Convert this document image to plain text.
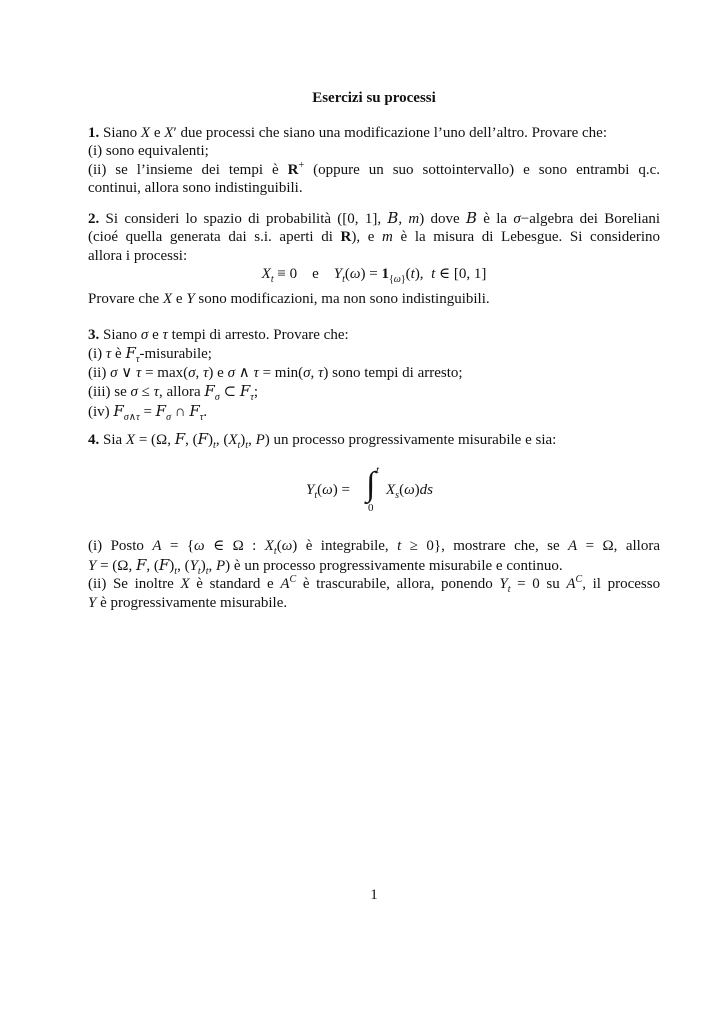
Esercizi su processi

1. Siano X e X′ due processi che siano una modificazione l’uno dell’altro. Provare che:

(i) sono equivalenti;

(ii) se l’insieme dei tempi è R+ (oppure un suo sottointervallo) e sono entrambi q.c.

continui, allora sono indistinguibili.

2. Si consideri lo spazio di probabilità ([0, 1], B, m) dove B è la σ−algebra dei Boreliani

(cioé quella generata dai s.i. aperti di R), e m è la misura di Lebesgue. Si considerino

allora i processi:

$X_t \equiv 0$    e $Y_t(\omega) = 1_{\{\omega\}}(t)$,  t ∈ [0, 1]

Provare che X e Y sono modificazioni, ma non sono indistinguibili.

3. Siano σ e τ tempi di arresto. Provare che:

(i) τ è $F_\tau$-misurabile;

(ii) σ ∨ τ = max(σ, τ) e σ ∧ τ = min(σ, τ) sono tempi di arresto;

(iii) se σ ≤ τ, allora $F_\sigma$ ⊂ $F_\tau$;

(iv) $F_{\sigma\wedge\tau} = F_\sigma$ ∩ $F_\tau$.

4. Sia X = (Ω, F, $(F)_t$, $(X_t)_t$, P) un processo progressivamente misurabile e sia:

$Y_t(\omega)$ = ∫ t
0
$X_s(\omega)ds$

(i) Posto A = {ω ∈ Ω : $X_t(\omega)$ è integrabile, t ≥ 0}, mostrare che, se A = Ω, allora

Y = (Ω, F, $(F)_t$, $(Y_t)_t$, P) è un processo progressivamente misurabile e continuo.

(ii) Se inoltre X è standard e $A^C$ è trascurabile, allora, ponendo $Y_t = 0$ su $A^C$, il processo

Y è progressivamente misurabile.

1
